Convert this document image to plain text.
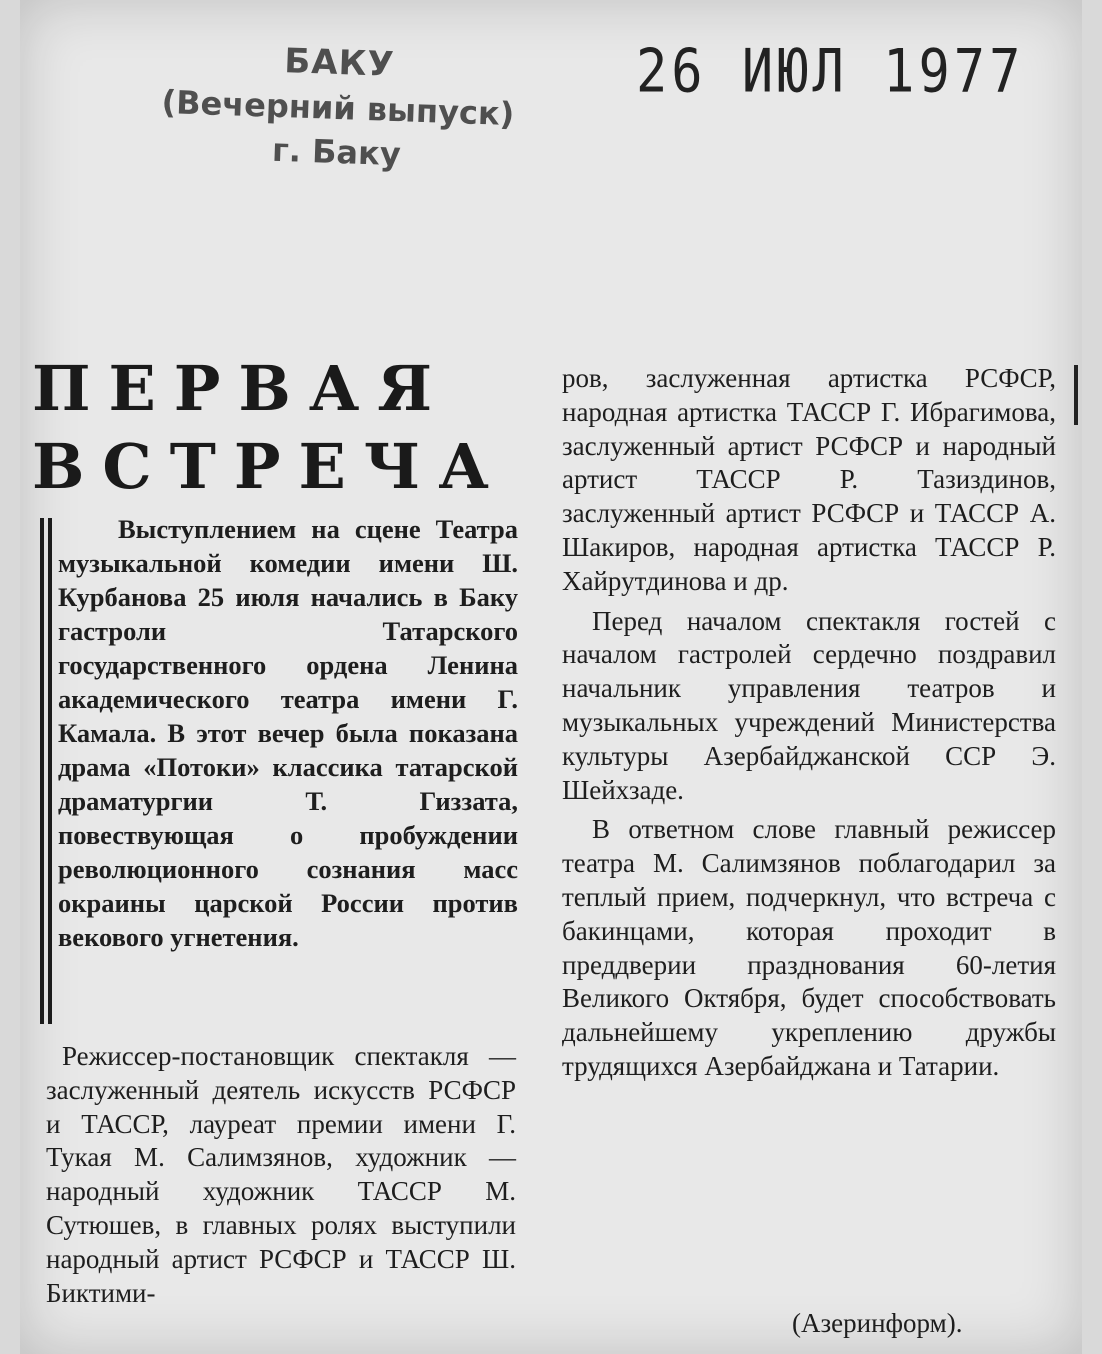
БАКУ
(Вечерний выпуск)
г. Баку
26 ИЮЛ 1977
ПЕРВАЯ
ВСТРЕЧА
Выступлением на сцене Театра музыкальной комедии имени Ш. Курбанова 25 июля начались в Баку гастроли Татарского государственного ордена Ленина академического театра имени Г. Камала. В этот вечер была показана драма «Потоки» классика татарской драматургии Т. Гиззата, повествующая о пробуждении революционного сознания масс окраины царской России против векового угнетения.
Режиссер-постановщик спектакля — заслуженный деятель искусств РСФСР и ТАССР, лауреат премии имени Г. Тукая М. Салимзянов, художник — народный художник ТАССР М. Сутюшев, в главных ролях выступили народный артист РСФСР и ТАССР Ш. Биктими-

ров, заслуженная артистка РСФСР, народная артистка ТАССР Г. Ибрагимова, заслуженный артист РСФСР и народный артист ТАССР Р. Тазиздинов, заслуженный артист РСФСР и ТАССР А. Шакиров, народная артистка ТАССР Р. Хайрутдинова и др.

Перед началом спектакля гостей с началом гастролей сердечно поздравил начальник управления театров и музыкальных учреждений Министерства культуры Азербайджанской ССР Э. Шейхзаде.

В ответном слове главный режиссер театра М. Салимзянов поблагодарил за теплый прием, подчеркнул, что встреча с бакинцами, которая проходит в преддверии празднования 60-летия Великого Октября, будет способствовать дальнейшему укреплению дружбы трудящихся Азербайджана и Татарии.

(Азеринформ).
